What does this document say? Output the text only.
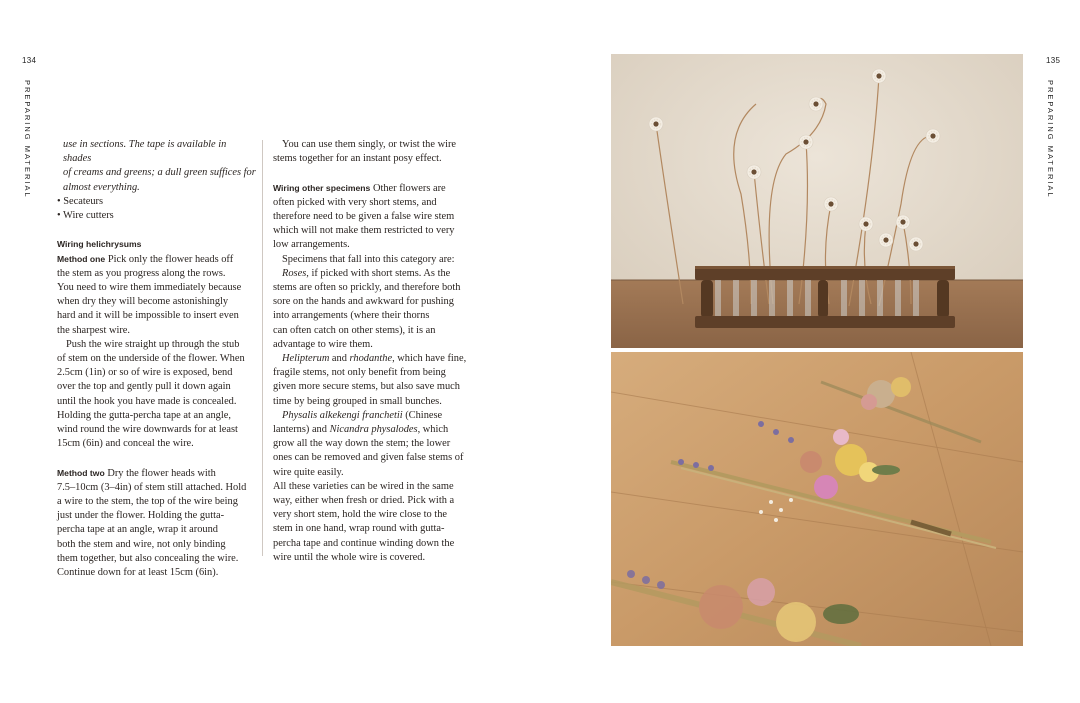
134
PREPARING MATERIAL	use in sections. The tape is available in shades

of creams and greens; a dull green suffices for

almost everything.

• Secateurs

• Wire cutters

Wiring helichrysums

Method one Pick only the flower heads off

the stem as you progress along the rows.

You need to wire them immediately because

when dry they will become astonishingly

hard and it will be impossible to insert even

the sharpest wire.

Push the wire straight up through the stub

of stem on the underside of the flower. When

2.5cm (1in) or so of wire is exposed, bend

over the top and gently pull it down again

until the hook you have made is concealed.

Holding the gutta-percha tape at an angle,

wind round the wire downwards for at least

15cm (6in) and conceal the wire.

Method two Dry the flower heads with

7.5–10cm (3–4in) of stem still attached. Hold

a wire to the stem, the top of the wire being

just under the flower. Holding the gutta-

percha tape at an angle, wrap it around

both the stem and wire, not only binding

them together, but also concealing the wire.

Continue down for at least 15cm (6in).

You can use them singly, or twist the wire

stems together for an instant posy effect.

Wiring other specimens Other flowers are

often picked with very short stems, and

therefore need to be given a false wire stem

which will not make them restricted to very

low arrangements.

Specimens that fall into this category are:

Roses, if picked with short stems. As the

stems are often so prickly, and therefore both

sore on the hands and awkward for pushing

into arrangements (where their thorns

can often catch on other stems), it is an

advantage to wire them.

Helipterum and rhodanthe, which have fine,

fragile stems, not only benefit from being

given more secure stems, but also save much

time by being grouped in small bunches.

Physalis alkekengi franchetii (Chinese

lanterns) and Nicandra physalodes, which

grow all the way down the stem; the lower

ones can be removed and given false stems of

wire quite easily.

All these varieties can be wired in the same

way, either when fresh or dried. Pick with a

very short stem, hold the wire close to the

stem in one hand, wrap round with gutta-

percha tape and continue winding down the

wire until the whole wire is covered.

135
PREPARING MATERIAL
